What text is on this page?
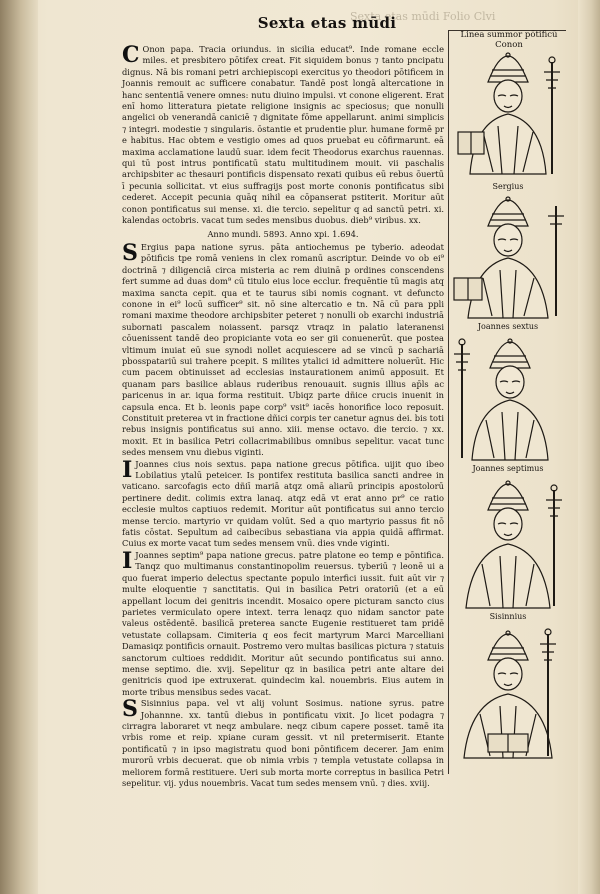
Sexta etas mūdi Folio Clvi
Sexta etas mūdi

C Onon papa. Tracia oriundus. in sicilia educat⁹. Inde romane eccle miles. et presbitero pōtifex creat. Fit siquidem bonus ⁊ tanto pncipatu dignus. Nā bis romani petri archiepiscopi exercitus yo theodori pōtificem in Joannis remouit ac sufficere conabatur. Tandē post longā altercatione in hanc sententiā venere omnes: nutu diuino impulsi. vt conone eligerent. Erat enī homo litteratura pietate religione insignis ac speciosus; que nonulli angelici ob venerandā caniciē ⁊ dignitate fōme appellarunt. animi simplicis ⁊ integri. modestie ⁊ singularis. ōstantie et prudentie plur. humane formē pr e habitus. Hac obtem e vestigio omes ad quos pruebat eu cōfirmarunt. eā maxima acclamatione laudū suar. idem fecit Theodorus exarchus rauennas. qui tū post intrus pontificatū statu multitudinem mouit. vii paschalis archipsbiter ac thesauri pontificis dispensato rexati quibus eū rebus ōuertū ī pecunia sollicitat. vt eius suffragijs post morte cononis pontificatus sibi cederet. Accepit pecunia quāq nihil ea cōpanserat pstiterit. Moritur aūt conon pontificatus sui mense. xi. die tercio. sepelitur q ad sanctū petri. xi. kalendas octobris. vacat tum sedes mensibus duobus. dieb⁹ viribus. xx.

Anno mundi. 5893. Anno xpi. 1.694.

S Ergius papa natione syrus. pāta antiochemus pe tyberio. adeodat pōtificis tpe romā veniens in clex romanū ascriptur. Deinde vo ob ei⁹ doctrinā ⁊ diligenciā circa misteria ac rem diuinā p ordines conscendens fert summe ad duas dom⁹ cū titulo eius loce ecclur. frequēntie tū magis atq maxima sancta cepit. qua et te taurus sibi nomis cognant. vt defuncto conone in ei⁹ locū sufficer⁹ sit. nō sine altercatio e tn. Nā cū para ppli romani maxime theodore archipsbiter peteret ⁊ nonulli ob exarchi industriā subornati pascalem noiassent. parsqz vtraqz in palatio lateranensi cōuenissent tandē deo propiciante vota eo ser gii conuenerūt. que postea vltimum inuiat eū sue synodi nollet acquiescere ad se vincū p sachariā pbosspatariū sui trahere pcepit. S milites ytalici id admittere noluerūt. Hic cum pacem obtinuisset ad ecclesias instaurationem animū apposuit. Et quanam pars basilice ablaus ruderibus renouauit. sugnis illius ap̄ls ac paricenus in ar. iqua forma restituit. Ubiqz parte dñice crucis inuenit in capsula enca. Et b. leonis pape corp⁹ vsit⁹ iacēs honorifice loco reposuit. Constituit preterea vt in fractione dñici corpis ter canetur agnus dei. bis toti rebus insignis pontificatus sui anno. xiii. mense octavo. die tercio. ⁊ xx. moxit. Et in basilica Petri collacrimabilibus omnibus sepelitur. vacat tunc sedes mensem vnu diebus viginti.

I Joannes cius nois sextus. papa natione grecus pōtifica. uijit quo ibeo Lobilatius ytalū peteicer. Is pontifex restituta basilica sancti andree in vaticano. sarcofagis ecto dñiī mariā atqz omā aliarū principis apostolorū pertinere dedit. colimis extra lanaq. atqz edā vt erat anno pr⁹ ce ratio ecclesie multos captiuos redemit. Moritur aūt pontificatus sui anno tercio mense tercio. martyrio vr quidam volūt. Sed a quo martyrio passus fit nō fatis cōstat. Sepultum ad caibecibus sebastiana via appia quidā affirmat. Cuius ex morte vacat tum sedes mensem vnū. dies vnde viginti.

I Joannes septim⁹ papa natione grecus. patre platone eo temp e pōntifica. Tanqz quo multimanus constantinopolim reuersus. tyberiū ⁊ leonē ui a quo fuerat imperio delectus spectante populo interfici iussit. fuit aūt vir ⁊ multe eloquentie ⁊ sanctitatis. Qui in basilica Petri oratoriū (et a eū appellant locum dei genitris incendit. Mosaico opere picturam sancto cius parietes vermiculato opere intext. terra lenaqz quo nidam sanctor pate valeus ostēdentē. basilicā preterea sancte Eugenie restitueret tam pridē vetustate collapsam. Cimiteria q eos fecit martyrum Marci Marcelliani Damasiqz pontificis ornauit. Postremo vero multas basilicas pictura ⁊ statuis sanctorum cultioes reddidit. Moritur aūt secundo pontificatus sui anno. mense septimo. die. xvij. Sepelitur qz in basilica petri ante altare dei genitricis quod ipe extruxerat. quindecim kal. nouembris. Eius autem in morte tribus mensibus sedes vacat.

S Sisinnius papa. vel vt alij volunt Sosimus. natione syrus. patre Johannne. xx. tantū diebus in pontificatu vixit. Jo licet podagra ⁊ cirragra laboraret vt neqz ambulare. neqz cibum capere posset. tamē ita vrbis rome et reip. xpiane curam gessit. vt nil pretermiserit. Etante pontificatū ⁊ in ipso magistratu quod boni pōntificem decerer. Jam enim murorū vrbis decuerat. que ob nimia vrbis ⁊ templa vetustate collapsa in meliorem formā restituere. Ueri sub morta morte correptus in basilica Petri sepelitur. vij. ydus nouembris. Vacat tum sedes mensem vnū. ⁊ dies. xviij.

Linea summor pōtificū
Conon
Sergius
Joannes sextus
Joannes septimus
Sisinnius
